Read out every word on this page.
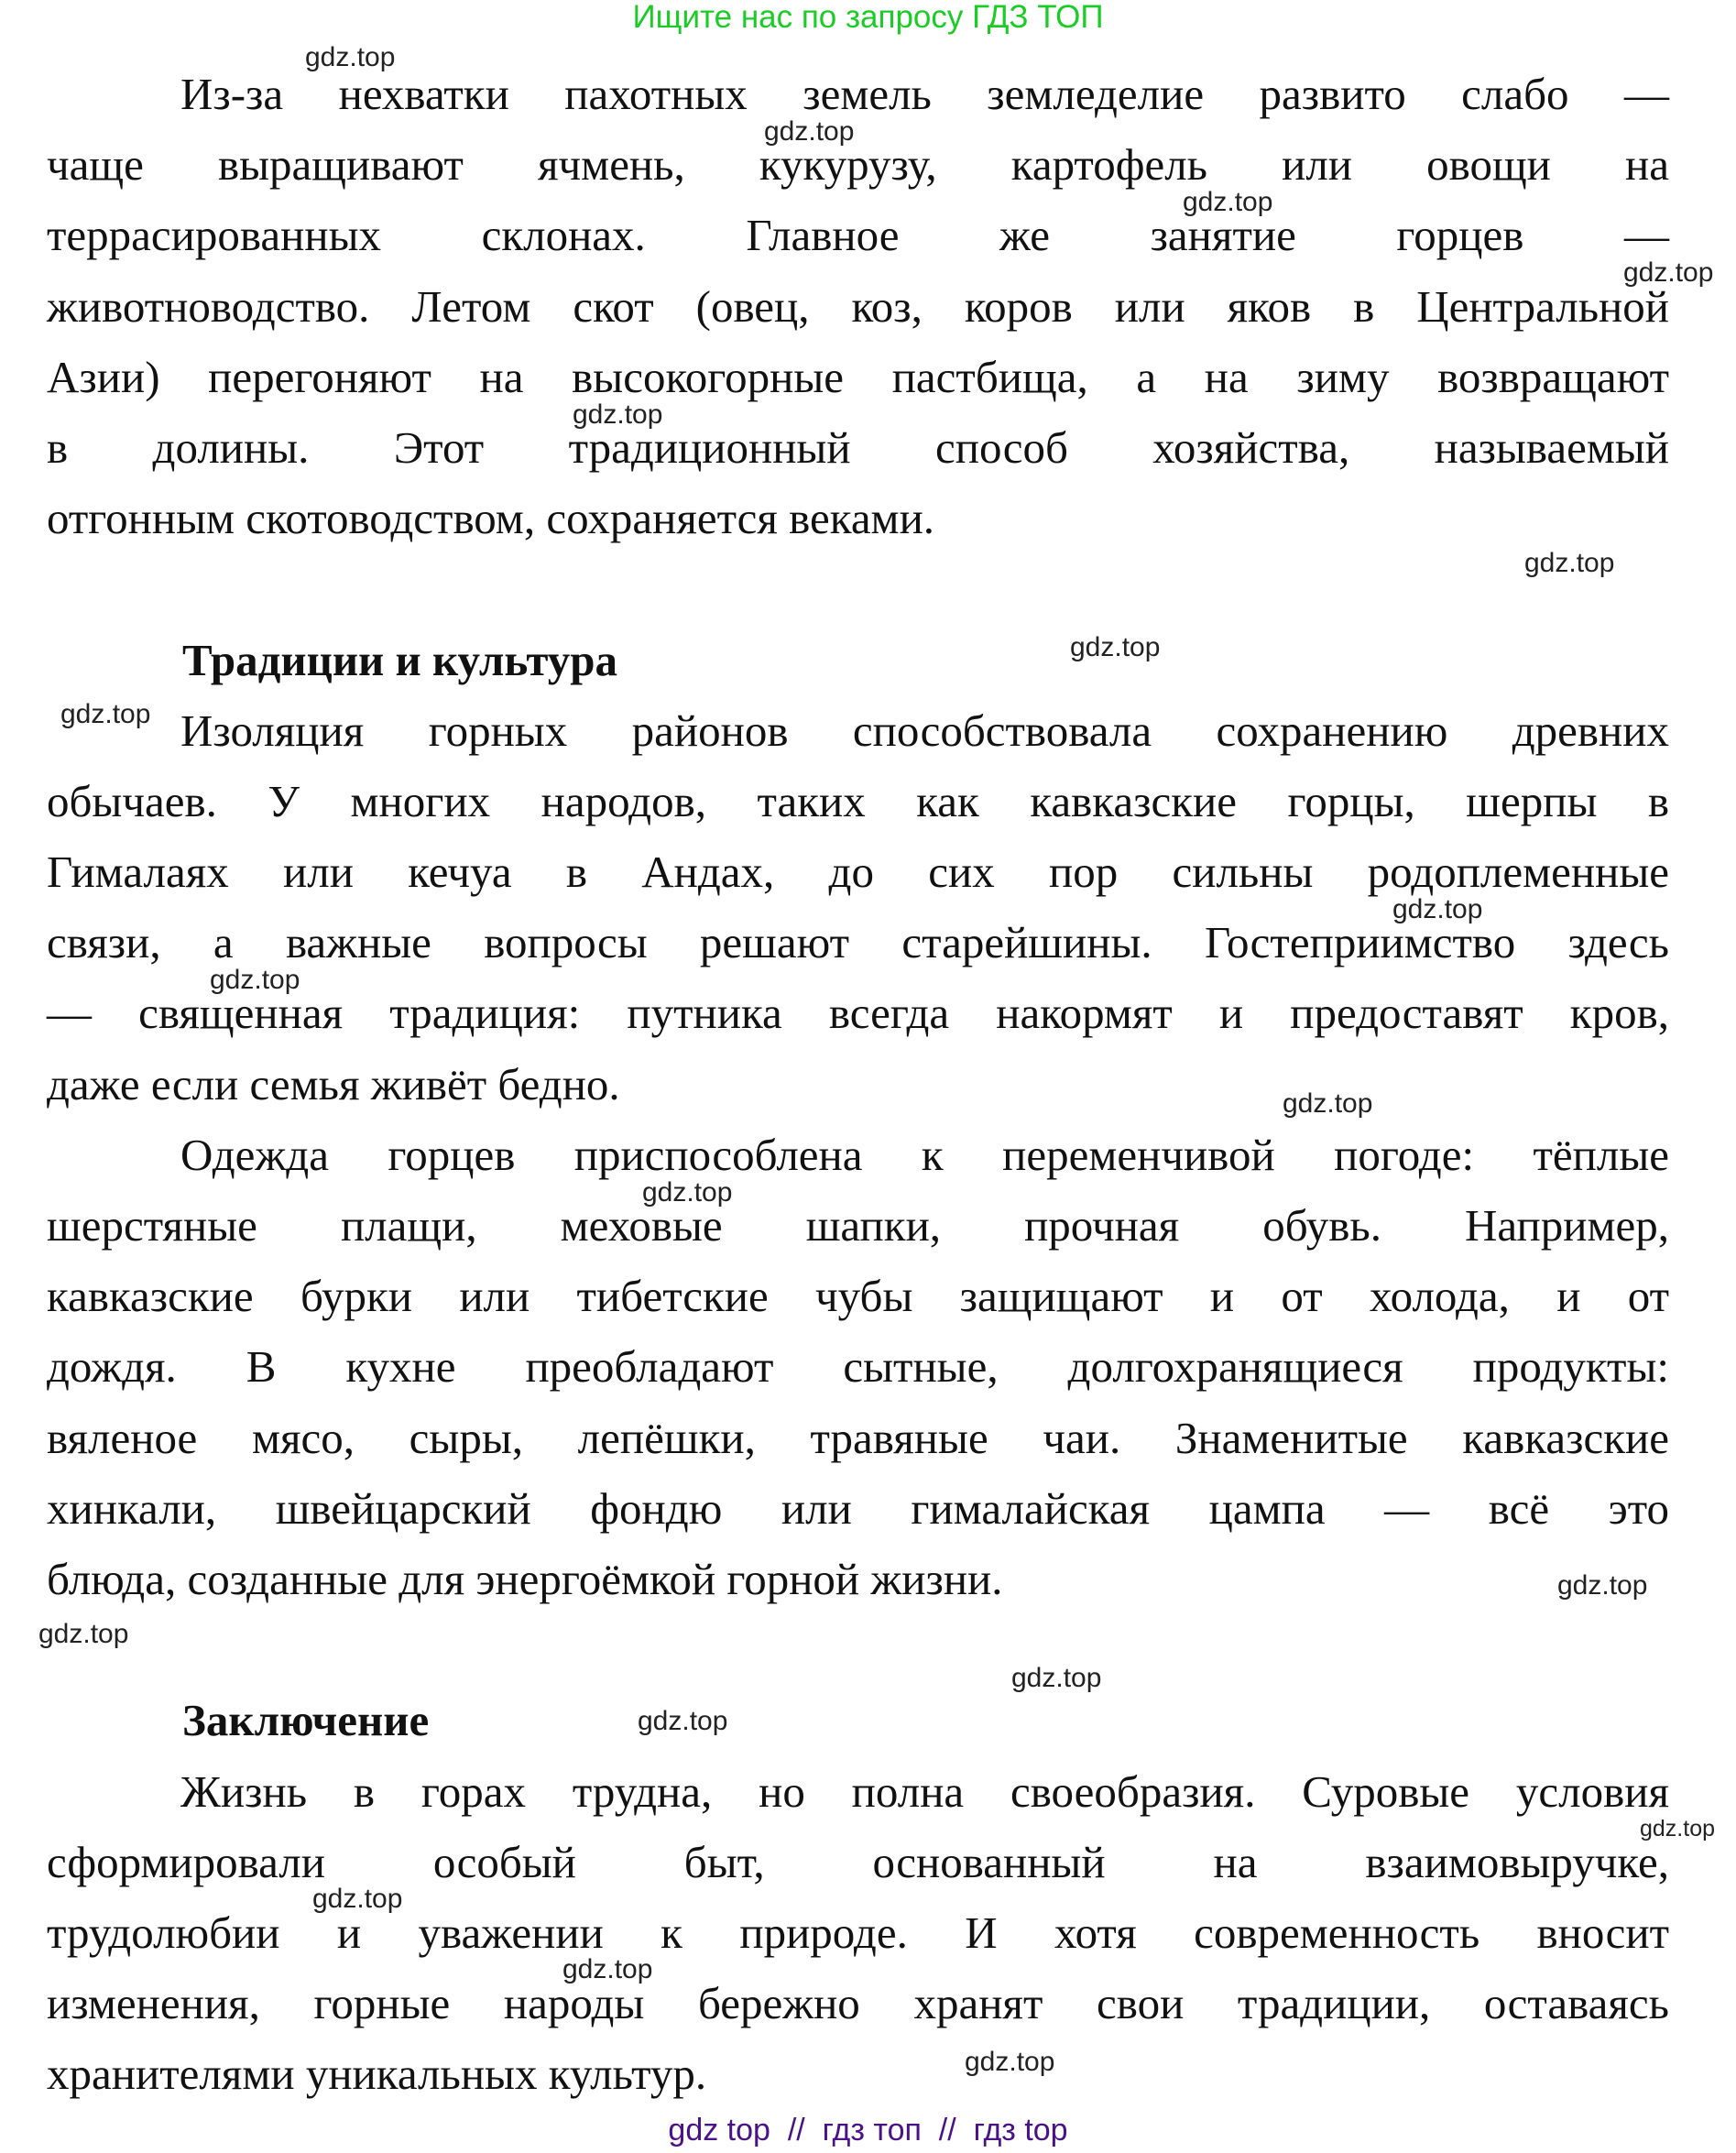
Ищите нас по запросу ГДЗ ТОП
Из-за нехватки пахотных земель земледелие развито слабо —
чаще выращивают ячмень, кукурузу, картофель или овощи на
террасированных склонах. Главное же занятие горцев —
животноводство. Летом скот (овец, коз, коров или яков в Центральной
Азии) перегоняют на высокогорные пастбища, а на зиму возвращают
в долины. Этот традиционный способ хозяйства, называемый
отгонным скотоводством, сохраняется веками.
Традиции и культура
Изоляция горных районов способствовала сохранению древних
обычаев. У многих народов, таких как кавказские горцы, шерпы в
Гималаях или кечуа в Андах, до сих пор сильны родоплеменные
связи, а важные вопросы решают старейшины. Гостеприимство здесь
— священная традиция: путника всегда накормят и предоставят кров,
даже если семья живёт бедно.
Одежда горцев приспособлена к переменчивой погоде: тёплые
шерстяные плащи, меховые шапки, прочная обувь. Например,
кавказские бурки или тибетские чубы защищают и от холода, и от
дождя. В кухне преобладают сытные, долгохранящиеся продукты:
вяленое мясо, сыры, лепёшки, травяные чаи. Знаменитые кавказские
хинкали, швейцарский фондю или гималайская цампа — всё это
блюда, созданные для энергоёмкой горной жизни.
Заключение
Жизнь в горах трудна, но полна своеобразия. Суровые условия
сформировали особый быт, основанный на взаимовыручке,
трудолюбии и уважении к природе. И хотя современность вносит
изменения, горные народы бережно хранят свои традиции, оставаясь
хранителями уникальных культур.
gdz.top
gdz.top
gdz.top
gdz.top
gdz.top
gdz.top
gdz.top
gdz.top
gdz.top
gdz.top
gdz.top
gdz.top
gdz.top
gdz.top
gdz.top
gdz.top
gdz.top
gdz.top
gdz.top
gdz.top
gdz top  //  гдз топ  //  гдз top
